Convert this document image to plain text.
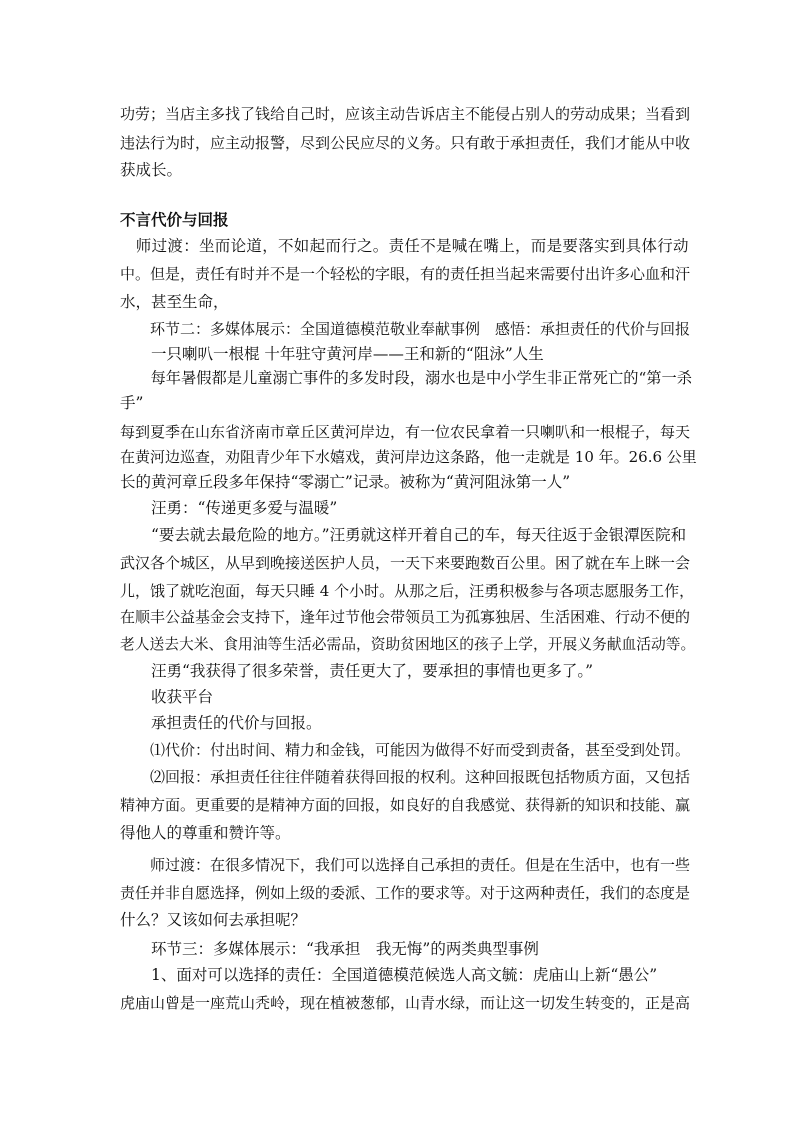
功劳；当店主多找了钱给自己时，应该主动告诉店主不能侵占别人的劳动成果；当看到

违法行为时，应主动报警，尽到公民应尽的义务。只有敢于承担责任，我们才能从中收

获成长。

不言代价与回报

　师过渡：坐而论道，不如起而行之。责任不是喊在嘴上，而是要落实到具体行动

中。但是，责任有时并不是一个轻松的字眼，有的责任担当起来需要付出许多心血和汗

水，甚至生命，

　　环节二：多媒体展示：全国道德模范敬业奉献事例　感悟：承担责任的代价与回报

　　一只喇叭一根棍 十年驻守黄河岸——王和新的“阻泳”人生

　　每年暑假都是儿童溺亡事件的多发时段，溺水也是中小学生非正常死亡的“第一杀

手”

每到夏季在山东省济南市章丘区黄河岸边，有一位农民拿着一只喇叭和一根棍子，每天

在黄河边巡查，劝阻青少年下水嬉戏，黄河岸边这条路，他一走就是 10 年。26.6 公里

长的黄河章丘段多年保持“零溺亡”记录。被称为“黄河阻泳第一人”

　　汪勇：“传递更多爱与温暖”

　　“要去就去最危险的地方。”汪勇就这样开着自己的车，每天往返于金银潭医院和

武汉各个城区，从早到晚接送医护人员，一天下来要跑数百公里。困了就在车上眯一会

儿，饿了就吃泡面，每天只睡 4 个小时。从那之后，汪勇积极参与各项志愿服务工作，

在顺丰公益基金会支持下，逢年过节他会带领员工为孤寡独居、生活困难、行动不便的

老人送去大米、食用油等生活必需品，资助贫困地区的孩子上学，开展义务献血活动等。

　　汪勇“我获得了很多荣誉，责任更大了，要承担的事情也更多了。”

　　收获平台

　　承担责任的代价与回报。

　　⑴代价：付出时间、精力和金钱，可能因为做得不好而受到责备，甚至受到处罚。

　　⑵回报：承担责任往往伴随着获得回报的权利。这种回报既包括物质方面，又包括

精神方面。更重要的是精神方面的回报，如良好的自我感觉、获得新的知识和技能、赢

得他人的尊重和赞许等。

　　师过渡：在很多情况下，我们可以选择自己承担的责任。但是在生活中，也有一些

责任并非自愿选择，例如上级的委派、工作的要求等。对于这两种责任，我们的态度是

什么？又该如何去承担呢？

　　环节三：多媒体展示：“我承担　我无悔”的两类典型事例

　　1、面对可以选择的责任：全国道德模范候选人高文毓：虎庙山上新“愚公”

虎庙山曾是一座荒山秃岭，现在植被葱郁，山青水绿，而让这一切发生转变的，正是高
